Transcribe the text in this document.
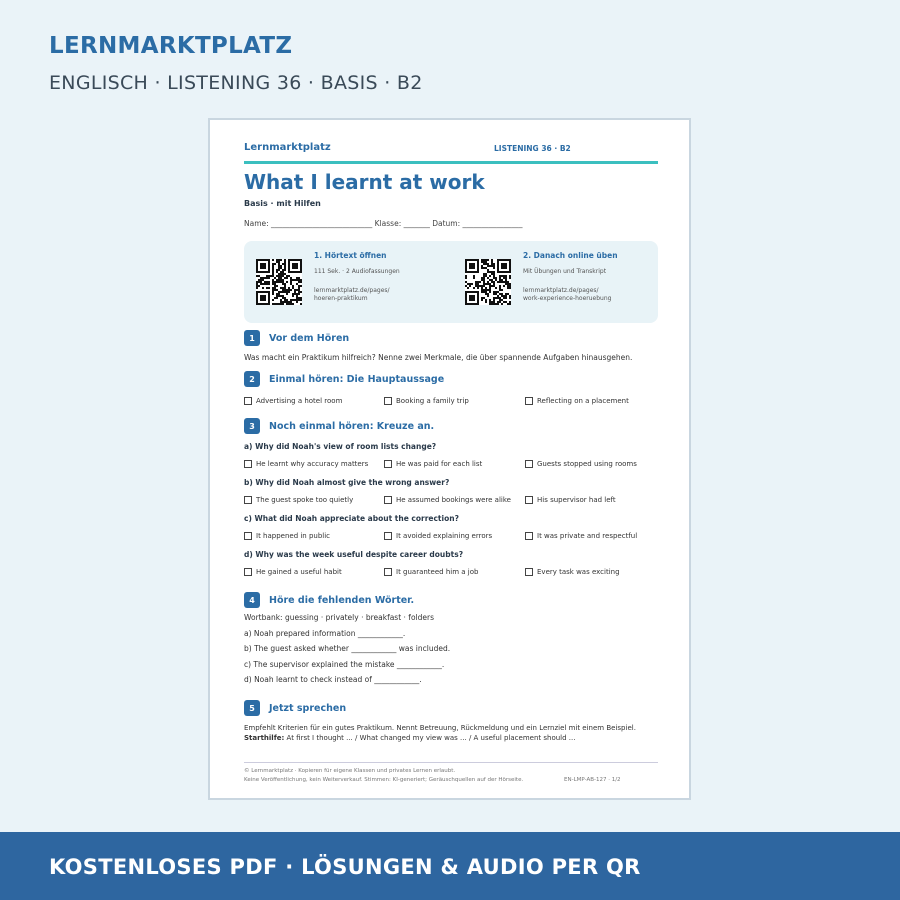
LERNMARKTPLATZ
ENGLISCH · LISTENING 36 · BASIS · B2
Lernmarktplatz	LISTENING 36 · B2
What I learnt at work
Basis · mit Hilfen
Name: ___________________________ Klasse: _______ Datum: ________________
1. Hörtext öffnen
111 Sek. · 2 Audiofassungen
lernmarktplatz.de/pages/
hoeren-praktikum
2. Danach online üben
Mit Übungen und Transkript
lernmarktplatz.de/pages/
work-experience-hoeruebung
1	Vor dem Hören
Was macht ein Praktikum hilfreich? Nenne zwei Merkmale, die über spannende Aufgaben hinausgehen.
2	Einmal hören: Die Hauptaussage
Advertising a hotel room	Booking a family trip	Reflecting on a placement
3	Noch einmal hören: Kreuze an.
a) Why did Noah's view of room lists change?
He learnt why accuracy matters	He was paid for each list	Guests stopped using rooms
b) Why did Noah almost give the wrong answer?
The guest spoke too quietly	He assumed bookings were alike	His supervisor had left
c) What did Noah appreciate about the correction?
It happened in public	It avoided explaining errors	It was private and respectful
d) Why was the week useful despite career doubts?
He gained a useful habit	It guaranteed him a job	Every task was exciting
4	Höre die fehlenden Wörter.
Wortbank: guessing · privately · breakfast · folders
a) Noah prepared information ____________.
b) The guest asked whether ____________ was included.
c) The supervisor explained the mistake ____________.
d) Noah learnt to check instead of ____________.
5	Jetzt sprechen
Empfehlt Kriterien für ein gutes Praktikum. Nennt Betreuung, Rückmeldung und ein Lernziel mit einem Beispiel.
Starthilfe: At first I thought ... / What changed my view was ... / A useful placement should ...
© Lernmarktplatz · Kopieren für eigene Klassen und privates Lernen erlaubt.
Keine Veröffentlichung, kein Weiterverkauf. Stimmen: KI-generiert; Geräuschquellen auf der Hörseite.	EN-LMP-AB-127 · 1/2
KOSTENLOSES PDF · LÖSUNGEN & AUDIO PER QR
